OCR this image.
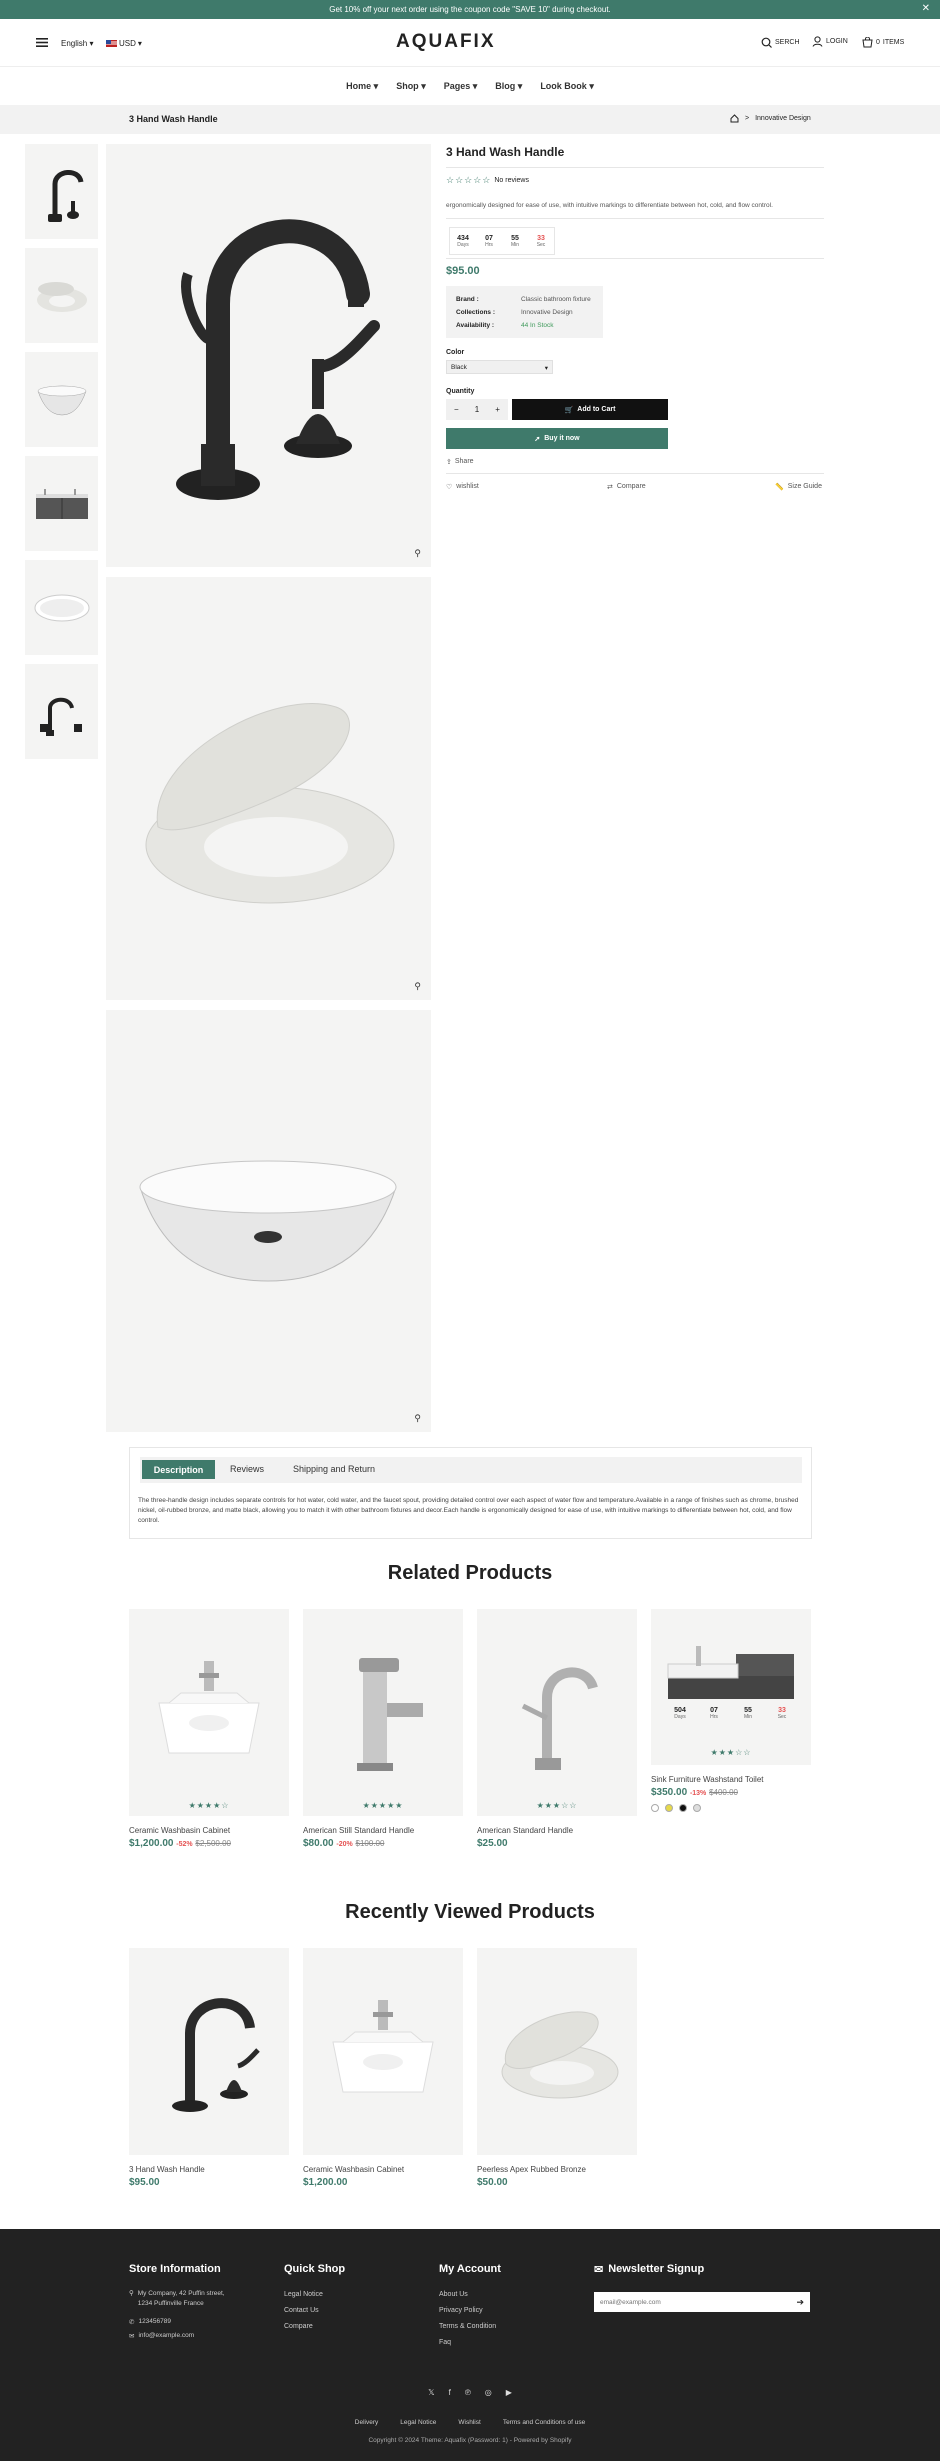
Get 10% off your next order using the coupon code "SAVE 10" during checkout.	✕
English ▾	USD ▾	AQUAFIX	SERCH	LOGIN	0 ITEMS
Home ▾ Shop ▾ Pages ▾ Blog ▾ Look Book ▾
3 Hand Wash Handle	> Innovative Design
⚲
⚲
⚲
3 Hand Wash Handle
☆☆☆☆☆ No reviews
ergonomically designed for ease of use, with intuitive markings to differentiate between hot, cold, and flow control.
434
Days
07
Hrs
55
Min
33
Sec
$95.00
Brand :	Classic bathroom fixture
Collections :	Innovative Design
Availability :	44 In Stock
Color
Black	▾
Quantity
− 1 +	🛒 Add to Cart
➚ Buy it now
⇪ Share
♡ wishlist	⇄ Compare	📏 Size Guide
Description	Reviews	Shipping and Return
The three-handle design includes separate controls for hot water, cold water, and the faucet spout, providing detailed control over each aspect of water flow and temperature.Available in a range of finishes such as chrome, brushed nickel, oil-rubbed bronze, and matte black, allowing you to match it with other bathroom fixtures and decor.Each handle is ergonomically designed for ease of use, with intuitive markings to differentiate between hot, cold, and flow control.
Related Products
★★★★☆
Ceramic Washbasin Cabinet
$1,200.00 -52% $2,500.00
★★★★★
American Still Standard Handle
$80.00 -20% $100.00
★★★☆☆
American Standard Handle
$25.00
504
Days
07
Hrs
55
Min
33
Sec
★★★☆☆
Sink Furniture Washstand Toilet
$350.00 -13% $400.00
Recently Viewed Products
3 Hand Wash Handle
$95.00
Ceramic Washbasin Cabinet
$1,200.00
Peerless Apex Rubbed Bronze
$50.00
Store Information
⚲ My Company, 42 Puffin street, 1234 Puffinville France
✆ 123456789
✉ info@example.com
Quick Shop
Legal Notice
Contact Us
Compare
My Account
About Us
Privacy Policy
Terms & Condition
Faq
✉ Newsletter Signup
email@example.com
➔
𝕏 f ℗ ◎ ▶
Delivery	Legal Notice	Wishlist	Terms and Conditions of use
Copyright © 2024 Theme: Aquafix (Password: 1) - Powered by Shopify
